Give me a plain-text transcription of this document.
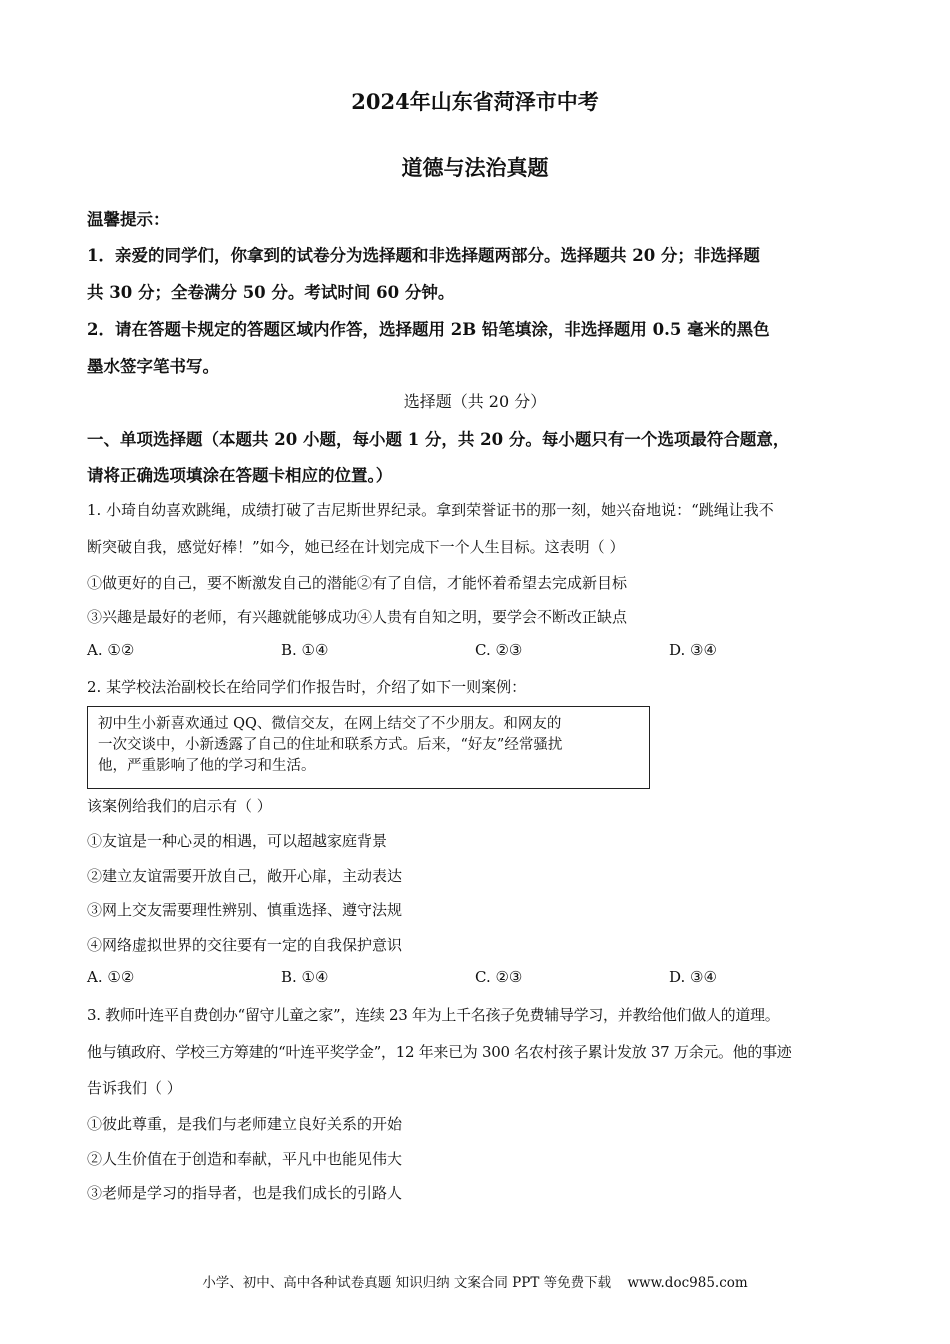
2024年山东省菏泽市中考
道德与法治真题
温馨提示：
1．亲爱的同学们，你拿到的试卷分为选择题和非选择题两部分。选择题共 20 分；非选择题
共 30 分；全卷满分 50 分。考试时间 60 分钟。
2．请在答题卡规定的答题区域内作答，选择题用 2B 铅笔填涂，非选择题用 0.5 毫米的黑色
墨水签字笔书写。
选择题（共 20 分）
一、单项选择题（本题共 20 小题，每小题 1 分，共 20 分。每小题只有一个选项最符合题意，
请将正确选项填涂在答题卡相应的位置。）
1. 小琦自幼喜欢跳绳，成绩打破了吉尼斯世界纪录。拿到荣誉证书的那一刻，她兴奋地说：“跳绳让我不
断突破自我，感觉好棒！”如今，她已经在计划完成下一个人生目标。这表明（ ）
①做更好的自己，要不断激发自己的潜能②有了自信，才能怀着希望去完成新目标
③兴趣是最好的老师，有兴趣就能够成功④人贵有自知之明，要学会不断改正缺点
A. ①②	B. ①④	C. ②③	D. ③④
2. 某学校法治副校长在给同学们作报告时，介绍了如下一则案例：
初中生小新喜欢通过 QQ、微信交友，在网上结交了不少朋友。和网友的
一次交谈中，小新透露了自己的住址和联系方式。后来，“好友”经常骚扰
他，严重影响了他的学习和生活。
该案例给我们的启示有（ ）
①友谊是一种心灵的相遇，可以超越家庭背景
②建立友谊需要开放自己，敞开心扉，主动表达
③网上交友需要理性辨别、慎重选择、遵守法规
④网络虚拟世界的交往要有一定的自我保护意识
A. ①②	B. ①④	C. ②③	D. ③④
3. 教师叶连平自费创办“留守儿童之家”，连续 23 年为上千名孩子免费辅导学习，并教给他们做人的道理。
他与镇政府、学校三方筹建的“叶连平奖学金”，12 年来已为 300 名农村孩子累计发放 37 万余元。他的事迹
告诉我们（ ）
①彼此尊重，是我们与老师建立良好关系的开始
②人生价值在于创造和奉献，平凡中也能见伟大
③老师是学习的指导者，也是我们成长的引路人
小学、初中、高中各种试卷真题 知识归纳 文案合同 PPT 等免费下载 www.doc985.com
